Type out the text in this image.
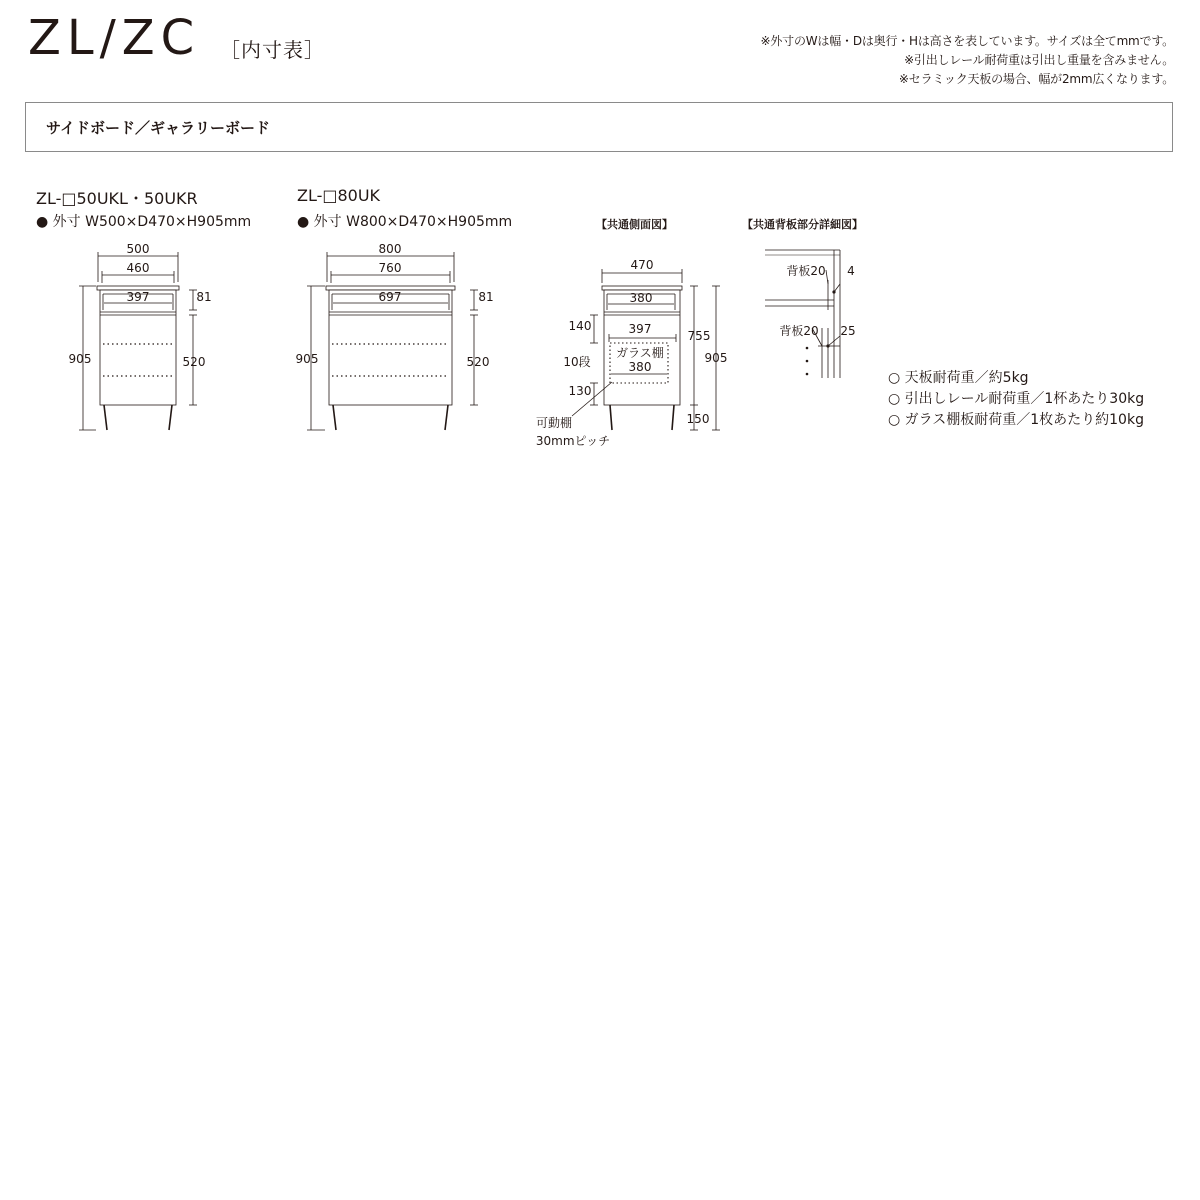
ZL/ZC ［内寸表］	※外寸のWは幅・Dは奥行・Hは高さを表しています。サイズは全てmmです。
※引出しレール耐荷重は引出し重量を含みません。
※セラミック天板の場合、幅が2mm広くなります。
サイドボード／ギャラリーボード
ZL-□50UKL・50UKR
● 外寸 W500×D470×H905mm
ZL-□80UK
● 外寸 W800×D470×H905mm	【共通側面図】	【共通背板部分詳細図】
500
460
397	81
905	520
800
760
697	81
905	520
470
380
397
ガラス棚
380
140
10段
130
755
905
150
可動棚
30mmピッチ
背板20 4
背板20 25
○ 天板耐荷重／約5kg
○ 引出しレール耐荷重／1杯あたり30kg
○ ガラス棚板耐荷重／1枚あたり約10kg
